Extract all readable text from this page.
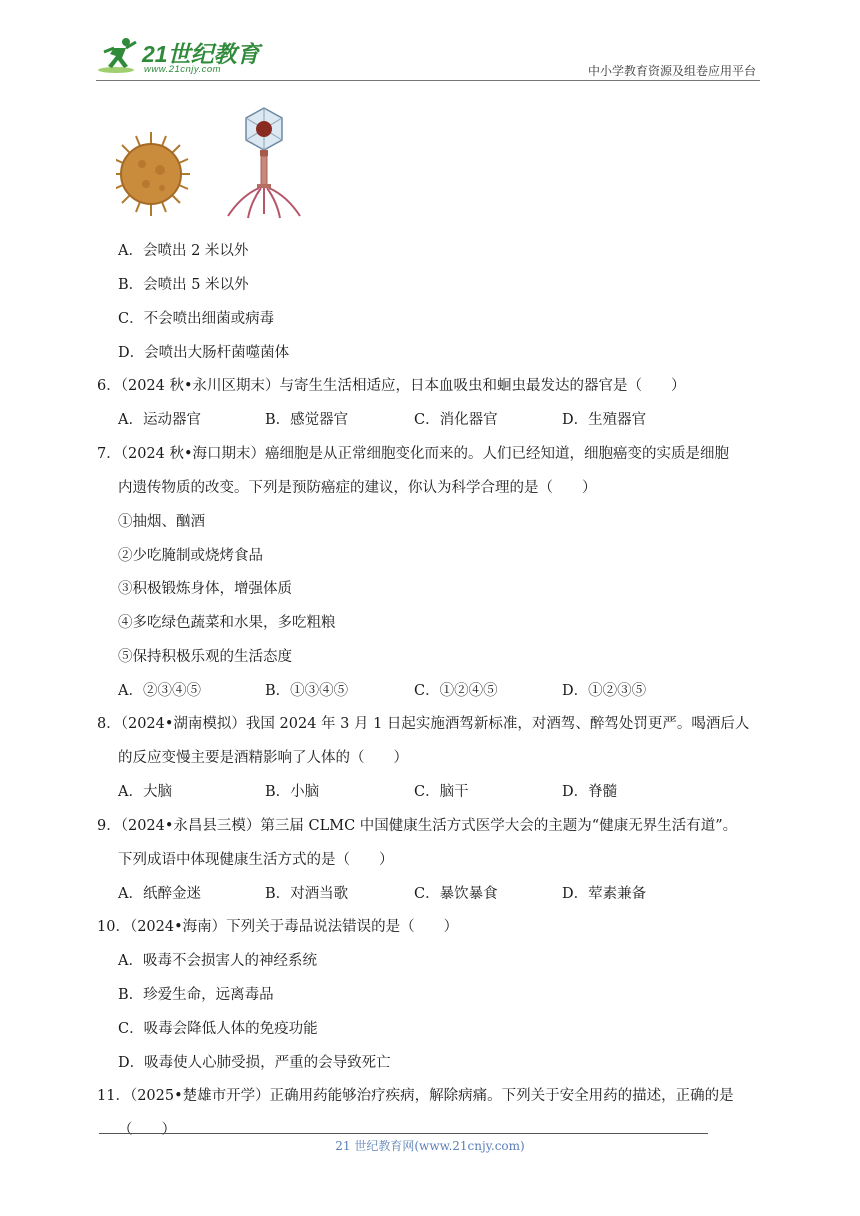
21世纪教育
www.21cnjy.com	中小学教育资源及组卷应用平台
A．会喷出 2 米以外
B．会喷出 5 米以外
C．不会喷出细菌或病毒
D．会喷出大肠杆菌噬菌体
6．（2024 秋•永川区期末）与寄生生活相适应，日本血吸虫和蛔虫最发达的器官是（　　）
A．运动器官	B．感觉器官	C．消化器官	D．生殖器官
7．（2024 秋•海口期末）癌细胞是从正常细胞变化而来的。人们已经知道，细胞癌变的实质是细胞
内遗传物质的改变。下列是预防癌症的建议，你认为科学合理的是（　　）
①抽烟、酗酒
②少吃腌制或烧烤食品
③积极锻炼身体，增强体质
④多吃绿色蔬菜和水果，多吃粗粮
⑤保持积极乐观的生活态度
A．②③④⑤	B．①③④⑤	C．①②④⑤	D．①②③⑤
8．（2024•湖南模拟）我国 2024 年 3 月 1 日起实施酒驾新标准，对酒驾、醉驾处罚更严。喝酒后人
的反应变慢主要是酒精影响了人体的（　　）
A．大脑	B．小脑	C．脑干	D．脊髓
9．（2024•永昌县三模）第三届 CLMC 中国健康生活方式医学大会的主题为“健康无界生活有道”。
下列成语中体现健康生活方式的是（　　）
A．纸醉金迷	B．对酒当歌	C．暴饮暴食	D．荤素兼备
10．（2024•海南）下列关于毒品说法错误的是（　　）
A．吸毒不会损害人的神经系统
B．珍爱生命，远离毒品
C．吸毒会降低人体的免疫功能
D．吸毒使人心肺受损，严重的会导致死亡
11．（2025•楚雄市开学）正确用药能够治疗疾病，解除病痛。下列关于安全用药的描述，正确的是
（　　）
21 世纪教育网(www.21cnjy.com)
